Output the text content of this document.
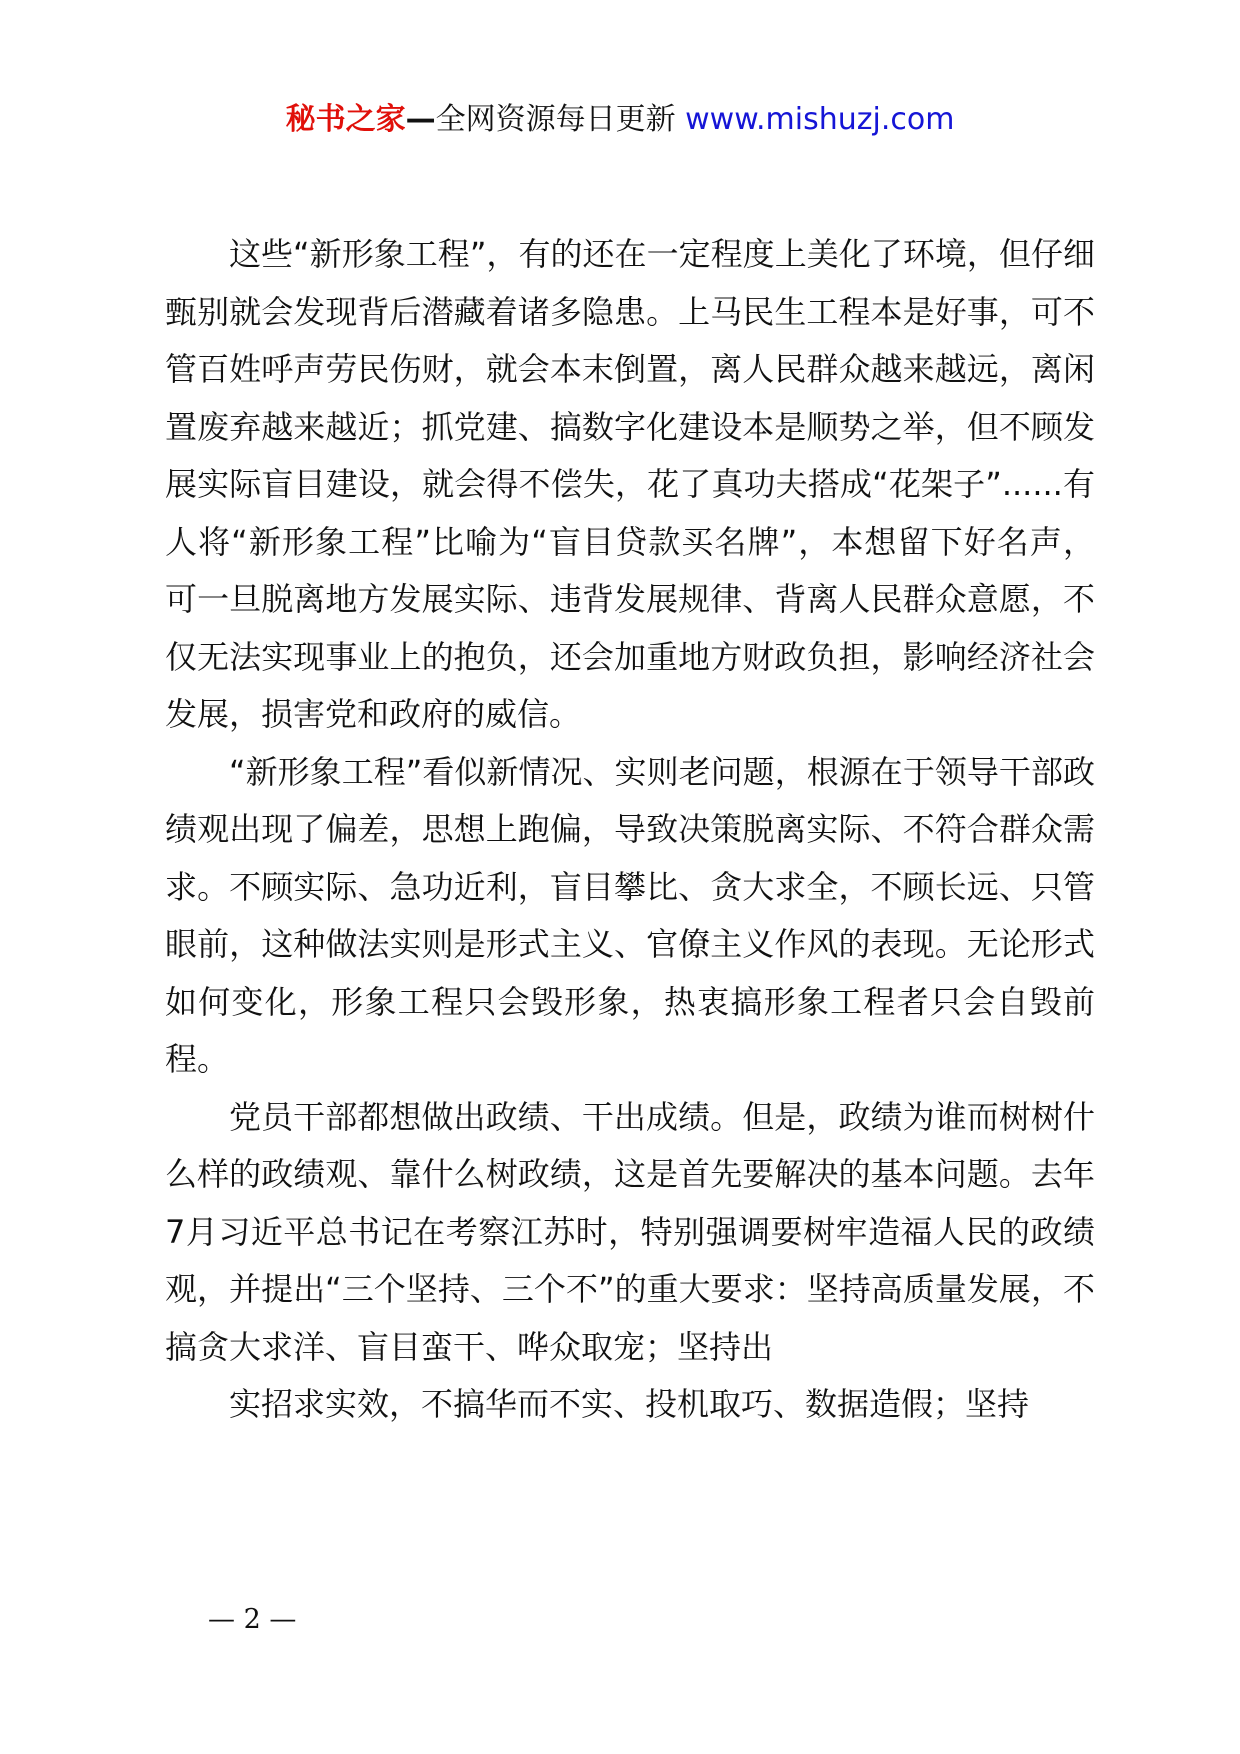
秘书之家—全网资源每日更新 www.mishuzj.com

这些“新形象工程”，有的还在一定程度上美化了环境，但仔细甄别就会发现背后潜藏着诸多隐患。上马民生工程本是好事，可不管百姓呼声劳民伤财，就会本末倒置，离人民群众越来越远，离闲置废弃越来越近；抓党建、搞数字化建设本是顺势之举，但不顾发展实际盲目建设，就会得不偿失，花了真功夫搭成“花架子”......有人将“新形象工程”比喻为“盲目贷款买名牌”，本想留下好名声，可一旦脱离地方发展实际、违背发展规律、背离人民群众意愿，不仅无法实现事业上的抱负，还会加重地方财政负担，影响经济社会发展，损害党和政府的威信。

“新形象工程”看似新情况、实则老问题，根源在于领导干部政绩观出现了偏差，思想上跑偏，导致决策脱离实际、不符合群众需求。不顾实际、急功近利，盲目攀比、贪大求全，不顾长远、只管眼前，这种做法实则是形式主义、官僚主义作风的表现。无论形式如何变化，形象工程只会毁形象，热衷搞形象工程者只会自毁前程。

党员干部都想做出政绩、干出成绩。但是，政绩为谁而树树什么样的政绩观、靠什么树政绩，这是首先要解决的基本问题。去年7月习近平总书记在考察江苏时，特别强调要树牢造福人民的政绩观，并提出“三个坚持、三个不”的重大要求：坚持高质量发展，不搞贪大求洋、盲目蛮干、哗众取宠；坚持出

实招求实效，不搞华而不实、投机取巧、数据造假；坚持

— 2 —
